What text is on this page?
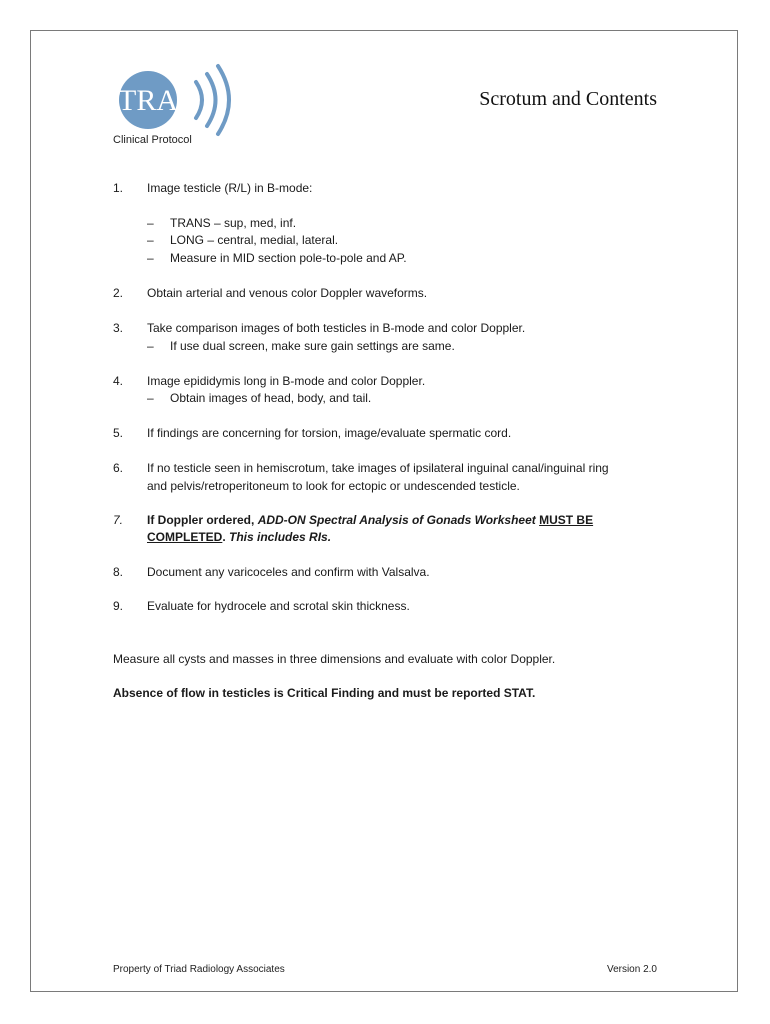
TRA
Clinical Protocol
Scrotum and Contents
1.	Image testicle (R/L) in B-mode:
– TRANS – sup, med, inf.
– LONG – central, medial, lateral.
– Measure in MID section pole-to-pole and AP.
2.	Obtain arterial and venous color Doppler waveforms.
3.	Take comparison images of both testicles in B-mode and color Doppler.
– If use dual screen, make sure gain settings are same.
4.	Image epididymis long in B-mode and color Doppler.
– Obtain images of head, body, and tail.
5.	If findings are concerning for torsion, image/evaluate spermatic cord.
6.	If no testicle seen in hemiscrotum, take images of ipsilateral inguinal canal/inguinal ring
and pelvis/retroperitoneum to look for ectopic or undescended testicle.
7.	If Doppler ordered, ADD-ON Spectral Analysis of Gonads Worksheet MUST BE
COMPLETED. This includes RIs.
8.	Document any varicoceles and confirm with Valsalva.
9.	Evaluate for hydrocele and scrotal skin thickness.
Measure all cysts and masses in three dimensions and evaluate with color Doppler.
Absence of flow in testicles is Critical Finding and must be reported STAT.
Property of Triad Radiology Associates	Version 2.0
